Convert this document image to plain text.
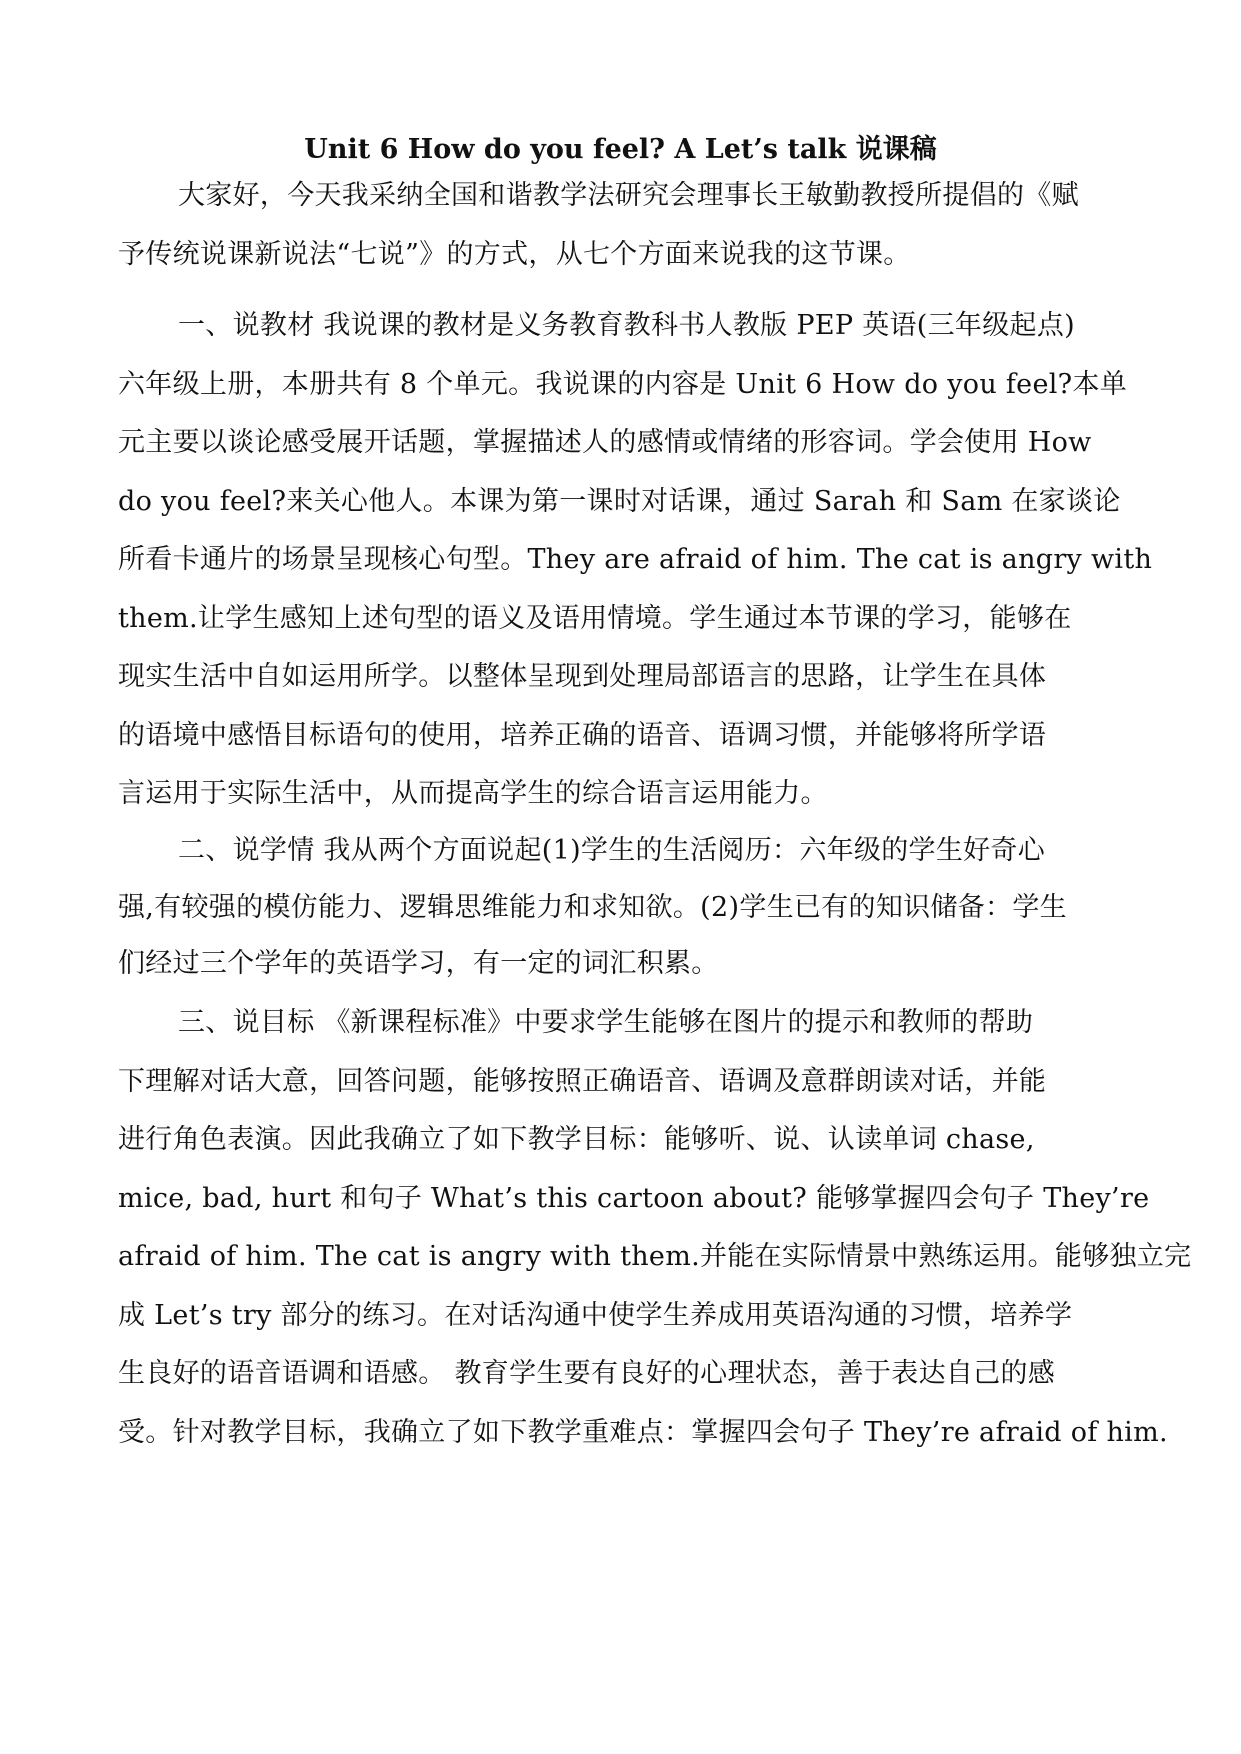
Unit 6 How do you feel? A Let’s talk 说课稿
大家好，今天我采纳全国和谐教学法研究会理事长王敏勤教授所提倡的《赋
予传统说课新说法“七说”》的方式，从七个方面来说我的这节课。
一、说教材 我说课的教材是义务教育教科书人教版 PEP 英语(三年级起点)
六年级上册，本册共有 8 个单元。我说课的内容是 Unit 6 How do you feel?本单
元主要以谈论感受展开话题，掌握描述人的感情或情绪的形容词。学会使用 How
do you feel?来关心他人。本课为第一课时对话课，通过 Sarah 和 Sam 在家谈论
所看卡通片的场景呈现核心句型。They are afraid of him. The cat is angry with
them.让学生感知上述句型的语义及语用情境。学生通过本节课的学习，能够在
现实生活中自如运用所学。以整体呈现到处理局部语言的思路，让学生在具体
的语境中感悟目标语句的使用，培养正确的语音、语调习惯，并能够将所学语
言运用于实际生活中，从而提高学生的综合语言运用能力。
二、说学情 我从两个方面说起(1)学生的生活阅历：六年级的学生好奇心
强,有较强的模仿能力、逻辑思维能力和求知欲。(2)学生已有的知识储备：学生
们经过三个学年的英语学习，有一定的词汇积累。
三、说目标 《新课程标准》中要求学生能够在图片的提示和教师的帮助
下理解对话大意，回答问题，能够按照正确语音、语调及意群朗读对话，并能
进行角色表演。因此我确立了如下教学目标：能够听、说、认读单词 chase,
mice, bad, hurt 和句子 What’s this cartoon about? 能够掌握四会句子 They’re
afraid of him. The cat is angry with them.并能在实际情景中熟练运用。能够独立完
成 Let’s try 部分的练习。在对话沟通中使学生养成用英语沟通的习惯，培养学
生良好的语音语调和语感。 教育学生要有良好的心理状态，善于表达自己的感
受。针对教学目标，我确立了如下教学重难点：掌握四会句子 They’re afraid of him.
